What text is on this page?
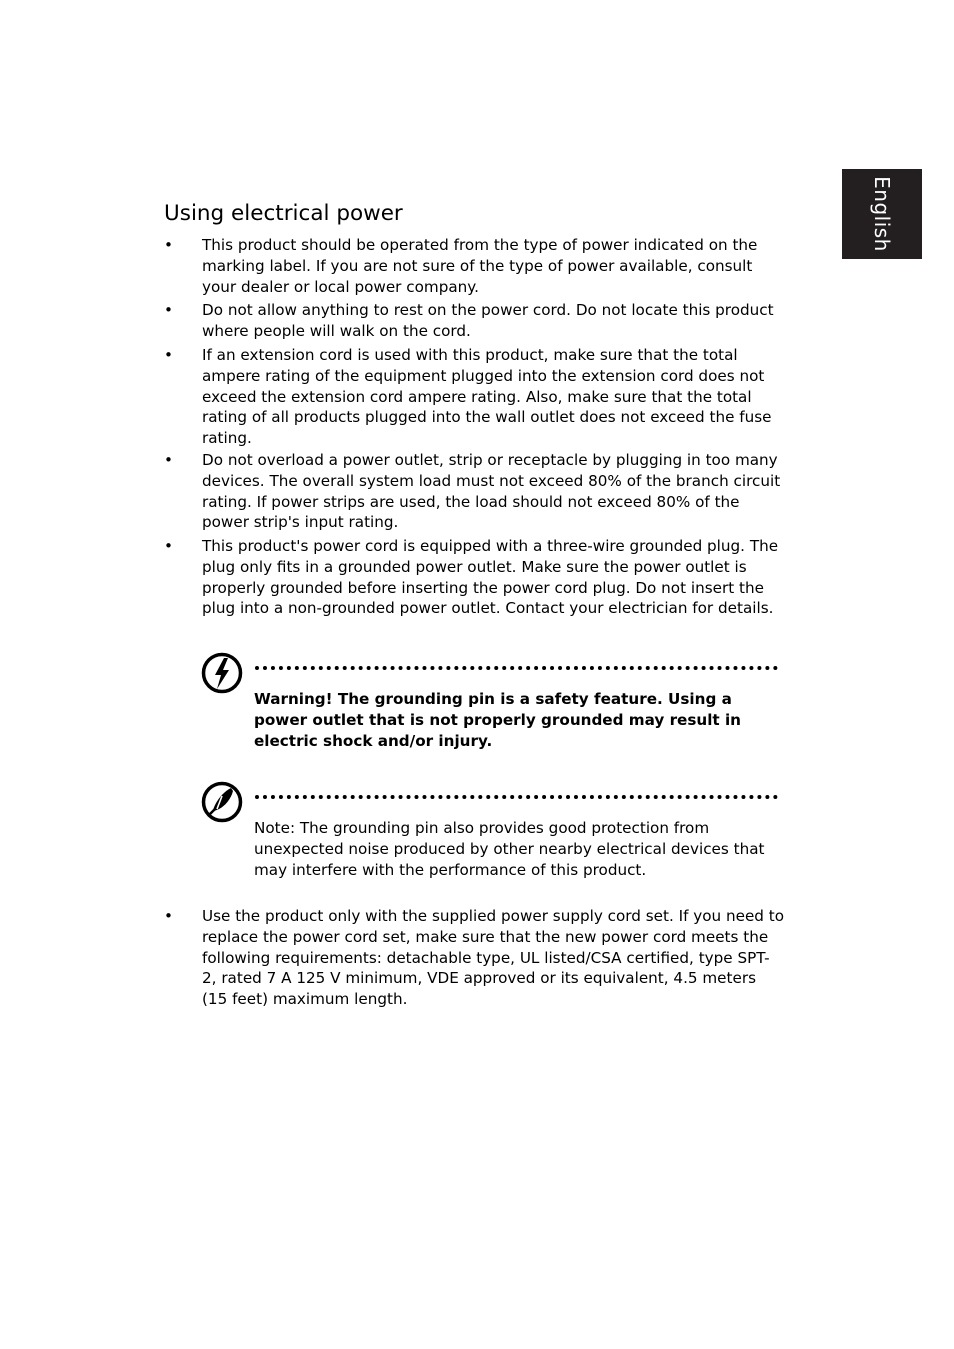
English
Using electrical power
•	This product should be operated from the type of power indicated on the marking label. If you are not sure of the type of power available, consult your dealer or local power company.
•	Do not allow anything to rest on the power cord. Do not locate this product where people will walk on the cord.
•	If an extension cord is used with this product, make sure that the total ampere rating of the equipment plugged into the extension cord does not exceed the extension cord ampere rating. Also, make sure that the total rating of all products plugged into the wall outlet does not exceed the fuse rating.
•	Do not overload a power outlet, strip or receptacle by plugging in too many devices. The overall system load must not exceed 80% of the branch circuit rating. If power strips are used, the load should not exceed 80% of the power strip's input rating.
•	This product's power cord is equipped with a three-wire grounded plug. The plug only fits in a grounded power outlet. Make sure the power outlet is properly grounded before inserting the power cord plug. Do not insert the plug into a non-grounded power outlet. Contact your electrician for details.
Warning! The grounding pin is a safety feature. Using a power outlet that is not properly grounded may result in electric shock and/or injury.
Note: The grounding pin also provides good protection from unexpected noise produced by other nearby electrical devices that may interfere with the performance of this product.
•	Use the product only with the supplied power supply cord set. If you need to replace the power cord set, make sure that the new power cord meets the following requirements: detachable type, UL listed/CSA certified, type SPT-2, rated 7 A 125 V minimum, VDE approved or its equivalent, 4.5 meters (15 feet) maximum length.
